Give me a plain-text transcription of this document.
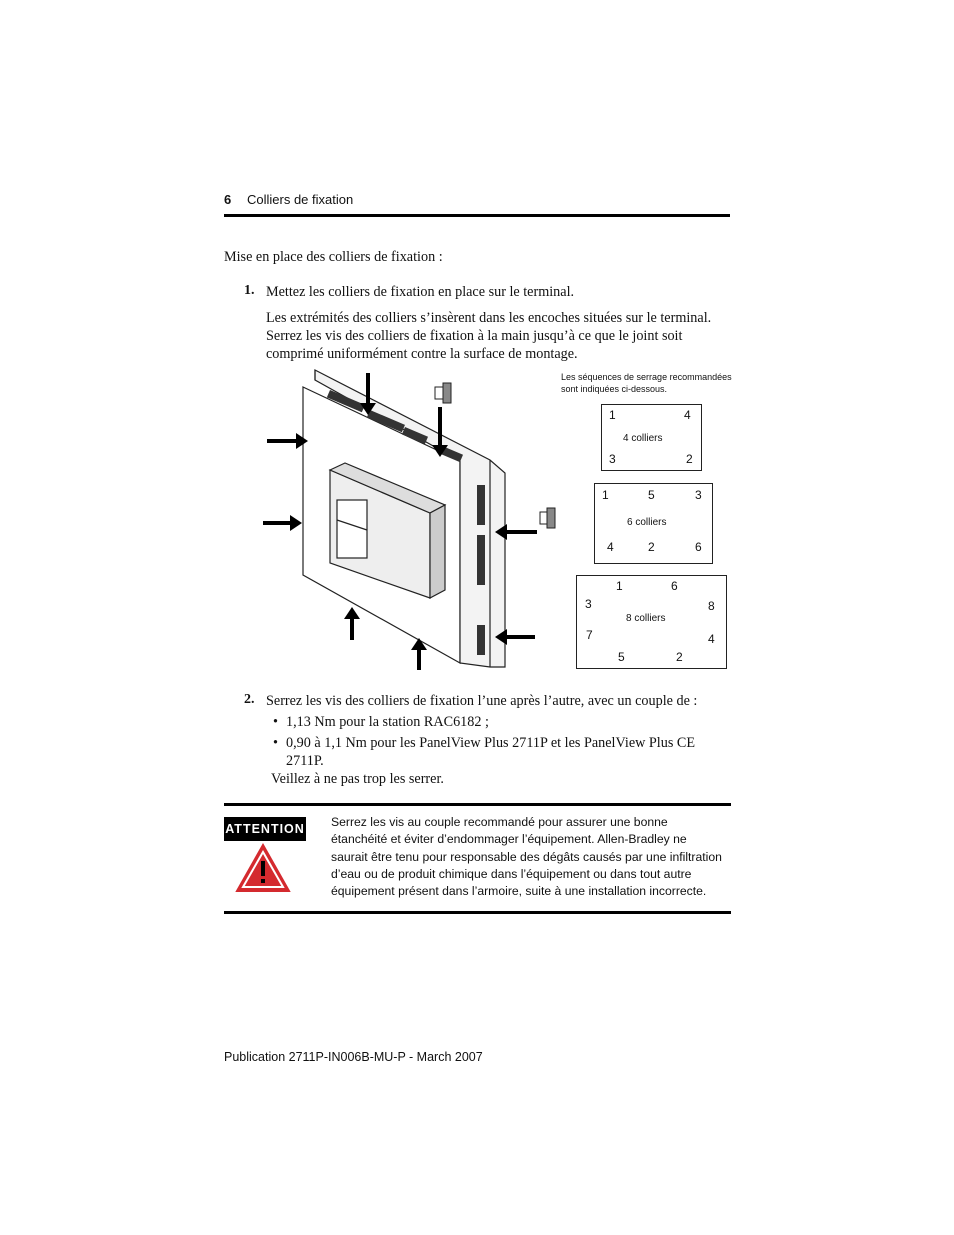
6 Colliers de fixation
Mise en place des colliers de fixation :
1. Mettez les colliers de fixation en place sur le terminal.
Les extrémités des colliers s’insèrent dans les encoches situées sur le terminal. Serrez les vis des colliers de fixation à la main jusqu’à ce que le joint soit comprimé uniformément contre la surface de montage.
Les séquences de serrage recommandées sont indiquées ci-dessous.
1	4
3	2
4 colliers
1	5	3
4	2	6
6 colliers
1	6
3	8
7	4
5	2
8 colliers
2. Serrez les vis des colliers de fixation l’une après l’autre, avec un couple de :
• 1,13 Nm pour la station RAC6182 ;
• 0,90 à 1,1 Nm pour les PanelView Plus 2711P et les PanelView Plus CE 2711P.
Veillez à ne pas trop les serrer.
ATTENTION Serrez les vis au couple recommandé pour assurer une bonne étanchéité et éviter d’endommager l’équipement. Allen-Bradley ne saurait être tenu pour responsable des dégâts causés par une infiltration d’eau ou de produit chimique dans l’équipement ou dans tout autre équipement présent dans l’armoire, suite à une installation incorrecte.
Publication 2711P-IN006B-MU-P - March 2007
